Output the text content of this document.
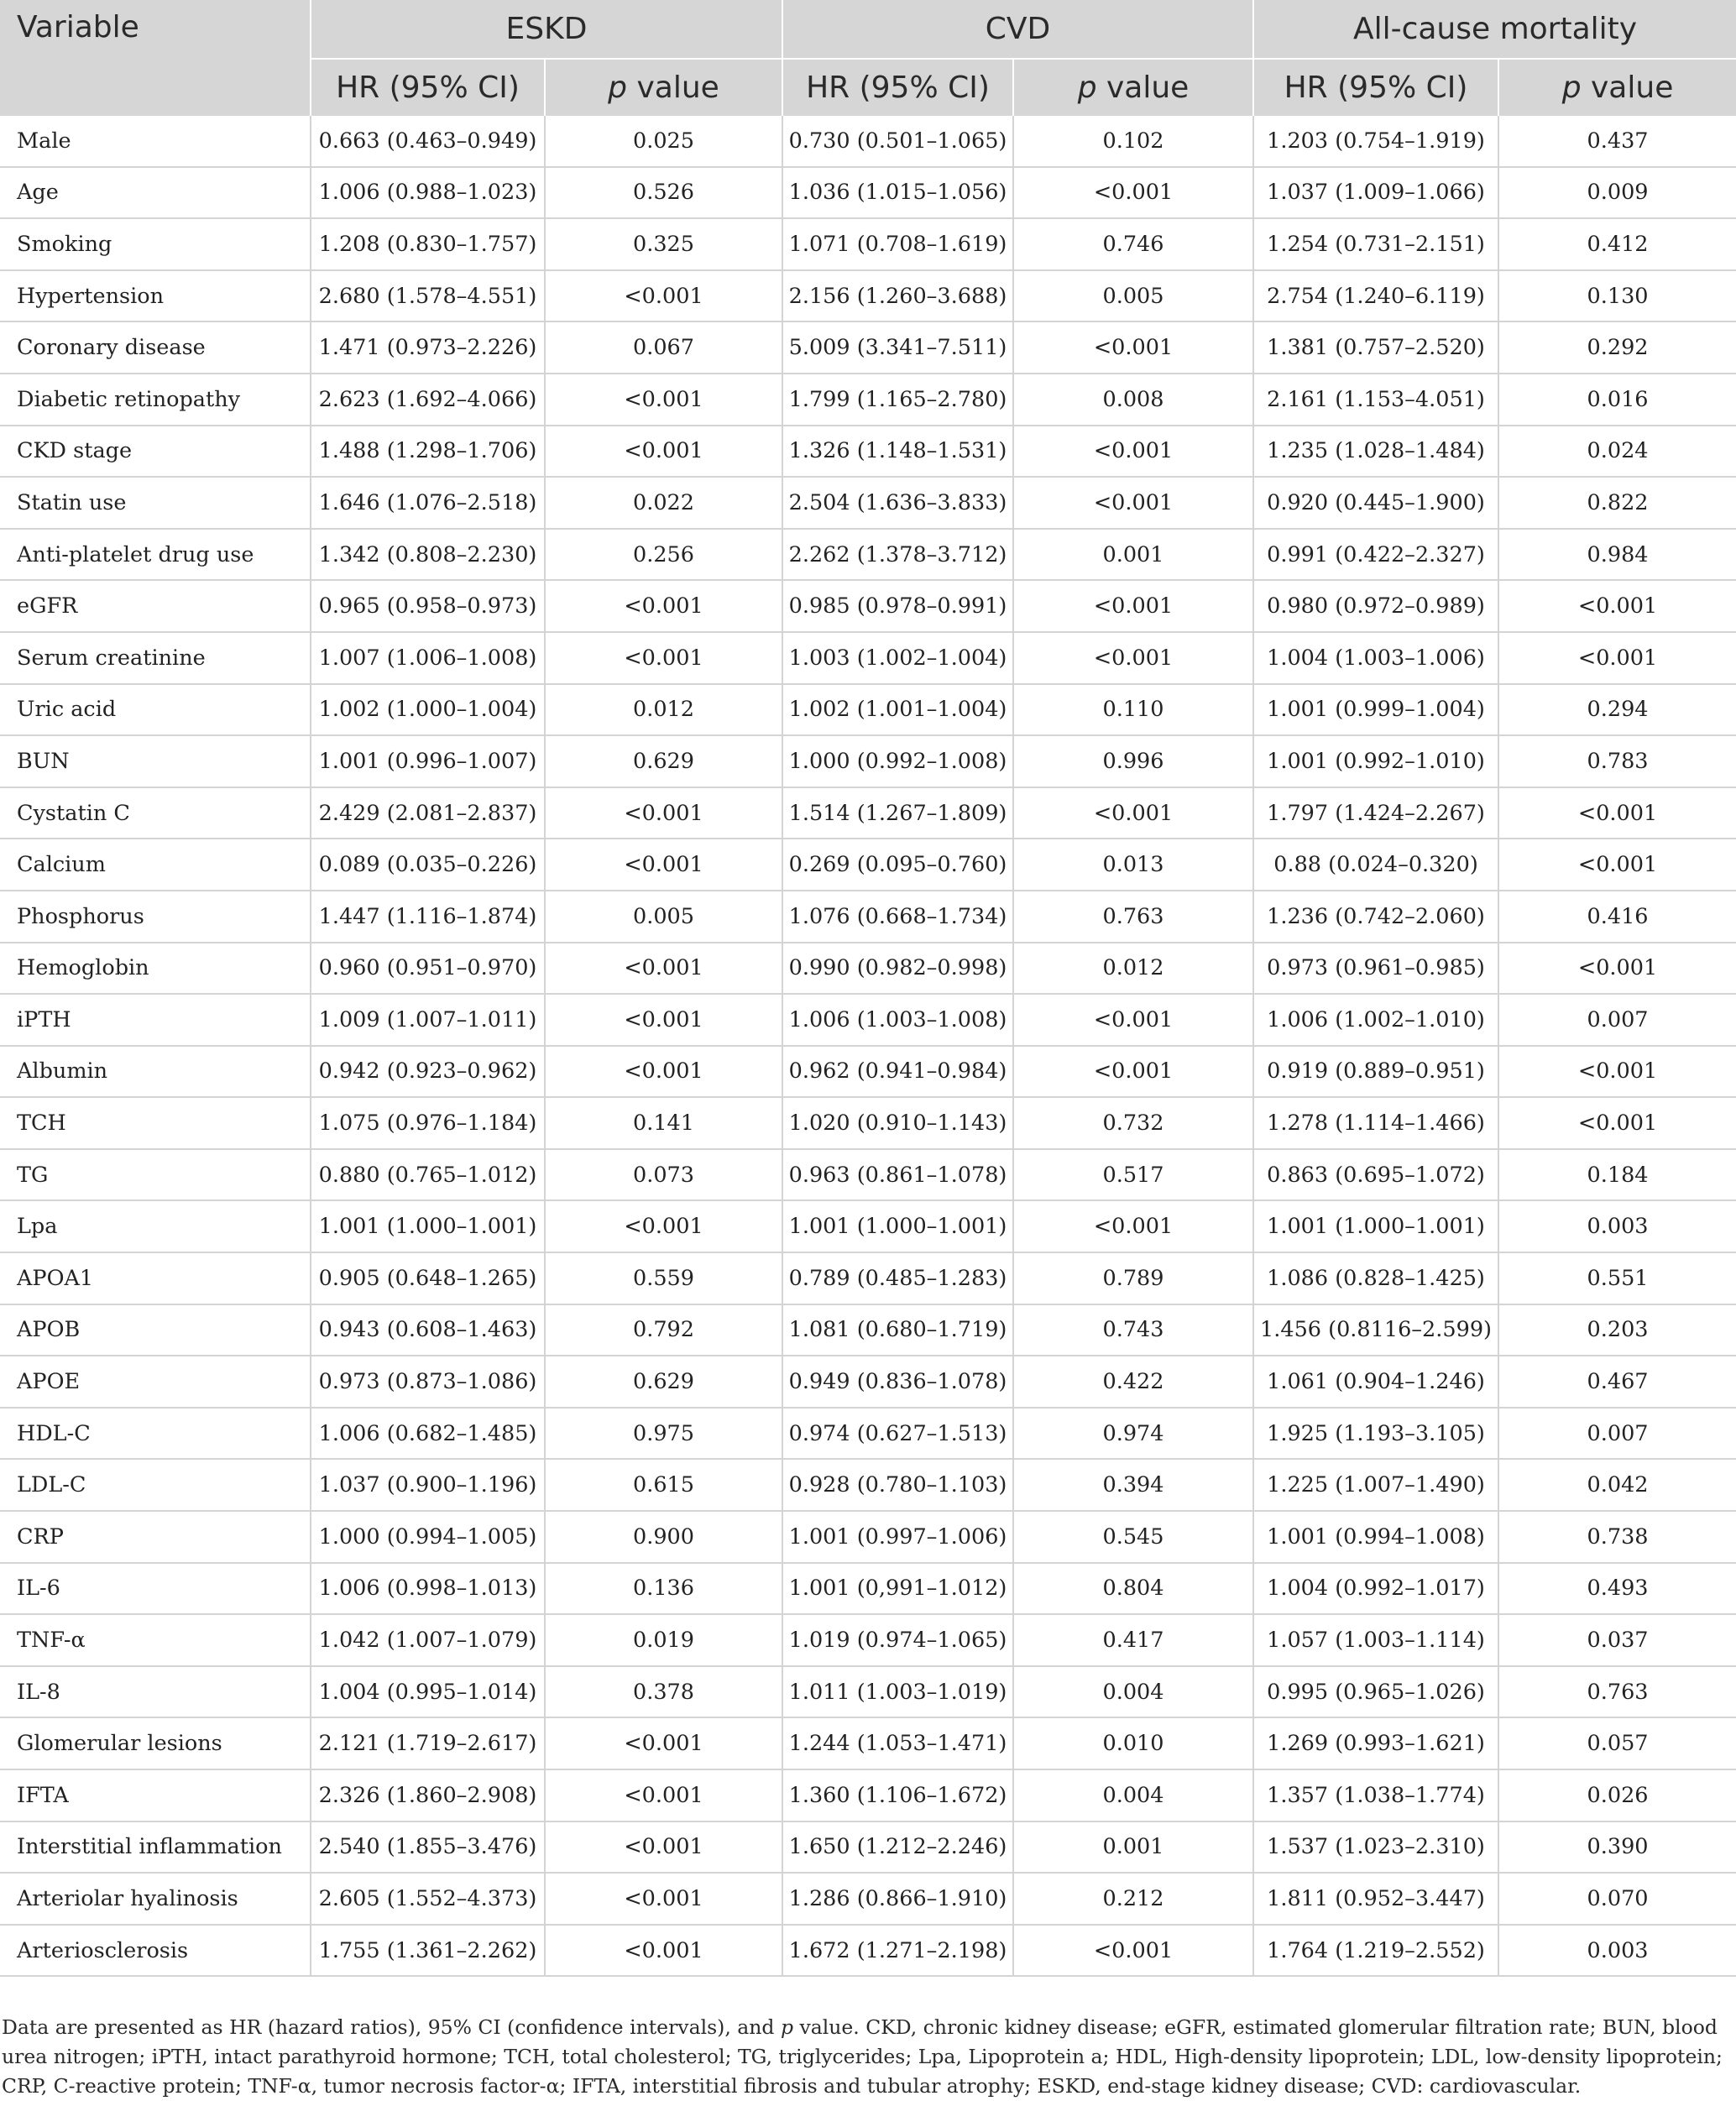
Variable	ESKD		CVD		All-cause mortality	
	HR (95% CI)	p value	HR (95% CI)	p value	HR (95% CI)	p value
Male	0.663 (0.463–0.949)	0.025	0.730 (0.501–1.065)	0.102	1.203 (0.754–1.919)	0.437
Age	1.006 (0.988–1.023)	0.526	1.036 (1.015–1.056)	<0.001	1.037 (1.009–1.066)	0.009
Smoking	1.208 (0.830–1.757)	0.325	1.071 (0.708–1.619)	0.746	1.254 (0.731–2.151)	0.412
Hypertension	2.680 (1.578–4.551)	<0.001	2.156 (1.260–3.688)	0.005	2.754 (1.240–6.119)	0.130
Coronary disease	1.471 (0.973–2.226)	0.067	5.009 (3.341–7.511)	<0.001	1.381 (0.757–2.520)	0.292
Diabetic retinopathy	2.623 (1.692–4.066)	<0.001	1.799 (1.165–2.780)	0.008	2.161 (1.153–4.051)	0.016
CKD stage	1.488 (1.298–1.706)	<0.001	1.326 (1.148–1.531)	<0.001	1.235 (1.028–1.484)	0.024
Statin use	1.646 (1.076–2.518)	0.022	2.504 (1.636–3.833)	<0.001	0.920 (0.445–1.900)	0.822
Anti-platelet drug use	1.342 (0.808–2.230)	0.256	2.262 (1.378–3.712)	0.001	0.991 (0.422–2.327)	0.984
eGFR	0.965 (0.958–0.973)	<0.001	0.985 (0.978–0.991)	<0.001	0.980 (0.972–0.989)	<0.001
Serum creatinine	1.007 (1.006–1.008)	<0.001	1.003 (1.002–1.004)	<0.001	1.004 (1.003–1.006)	<0.001
Uric acid	1.002 (1.000–1.004)	0.012	1.002 (1.001–1.004)	0.110	1.001 (0.999–1.004)	0.294
BUN	1.001 (0.996–1.007)	0.629	1.000 (0.992–1.008)	0.996	1.001 (0.992–1.010)	0.783
Cystatin C	2.429 (2.081–2.837)	<0.001	1.514 (1.267–1.809)	<0.001	1.797 (1.424–2.267)	<0.001
Calcium	0.089 (0.035–0.226)	<0.001	0.269 (0.095–0.760)	0.013	0.88 (0.024–0.320)	<0.001
Phosphorus	1.447 (1.116–1.874)	0.005	1.076 (0.668–1.734)	0.763	1.236 (0.742–2.060)	0.416
Hemoglobin	0.960 (0.951–0.970)	<0.001	0.990 (0.982–0.998)	0.012	0.973 (0.961–0.985)	<0.001
iPTH	1.009 (1.007–1.011)	<0.001	1.006 (1.003–1.008)	<0.001	1.006 (1.002–1.010)	0.007
Albumin	0.942 (0.923–0.962)	<0.001	0.962 (0.941–0.984)	<0.001	0.919 (0.889–0.951)	<0.001
TCH	1.075 (0.976–1.184)	0.141	1.020 (0.910–1.143)	0.732	1.278 (1.114–1.466)	<0.001
TG	0.880 (0.765–1.012)	0.073	0.963 (0.861–1.078)	0.517	0.863 (0.695–1.072)	0.184
Lpa	1.001 (1.000–1.001)	<0.001	1.001 (1.000–1.001)	<0.001	1.001 (1.000–1.001)	0.003
APOA1	0.905 (0.648–1.265)	0.559	0.789 (0.485–1.283)	0.789	1.086 (0.828–1.425)	0.551
APOB	0.943 (0.608–1.463)	0.792	1.081 (0.680–1.719)	0.743	1.456 (0.8116–2.599)	0.203
APOE	0.973 (0.873–1.086)	0.629	0.949 (0.836–1.078)	0.422	1.061 (0.904–1.246)	0.467
HDL-C	1.006 (0.682–1.485)	0.975	0.974 (0.627–1.513)	0.974	1.925 (1.193–3.105)	0.007
LDL-C	1.037 (0.900–1.196)	0.615	0.928 (0.780–1.103)	0.394	1.225 (1.007–1.490)	0.042
CRP	1.000 (0.994–1.005)	0.900	1.001 (0.997–1.006)	0.545	1.001 (0.994–1.008)	0.738
IL-6	1.006 (0.998–1.013)	0.136	1.001 (0,991–1.012)	0.804	1.004 (0.992–1.017)	0.493
TNF-α	1.042 (1.007–1.079)	0.019	1.019 (0.974–1.065)	0.417	1.057 (1.003–1.114)	0.037
IL-8	1.004 (0.995–1.014)	0.378	1.011 (1.003–1.019)	0.004	0.995 (0.965–1.026)	0.763
Glomerular lesions	2.121 (1.719–2.617)	<0.001	1.244 (1.053–1.471)	0.010	1.269 (0.993–1.621)	0.057
IFTA	2.326 (1.860–2.908)	<0.001	1.360 (1.106–1.672)	0.004	1.357 (1.038–1.774)	0.026
Interstitial inflammation	2.540 (1.855–3.476)	<0.001	1.650 (1.212–2.246)	0.001	1.537 (1.023–2.310)	0.390
Arteriolar hyalinosis	2.605 (1.552–4.373)	<0.001	1.286 (0.866–1.910)	0.212	1.811 (0.952–3.447)	0.070
Arteriosclerosis	1.755 (1.361–2.262)	<0.001	1.672 (1.271–2.198)	<0.001	1.764 (1.219–2.552)	0.003
Data are presented as HR (hazard ratios), 95% CI (confidence intervals), and p value. CKD, chronic kidney disease; eGFR, estimated glomerular filtration rate; BUN, blood urea nitrogen; iPTH, intact parathyroid hormone; TCH, total cholesterol; TG, triglycerides; Lpa, Lipoprotein a; HDL, High-density lipoprotein; LDL, low-density lipoprotein; CRP, C-reactive protein; TNF-α, tumor necrosis factor-α; IFTA, interstitial fibrosis and tubular atrophy; ESKD, end-stage kidney disease; CVD: cardiovascular.
